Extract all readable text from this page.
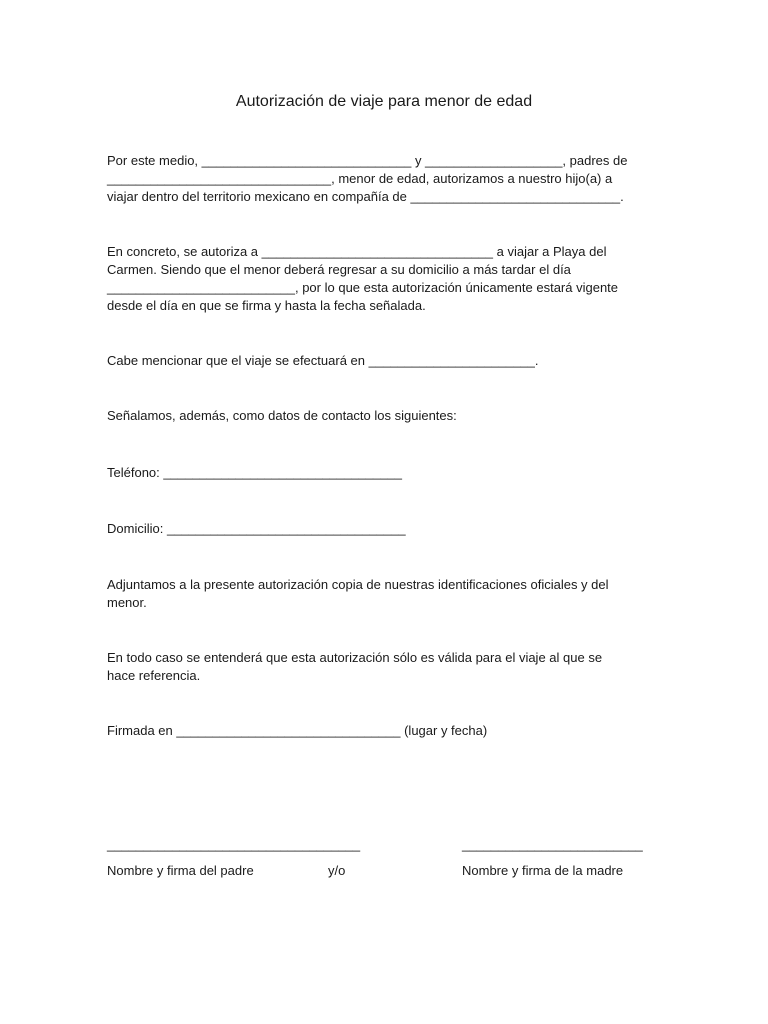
Autorización de viaje para menor de edad

Por este medio, _____________________________ y ___________________, padres de
_______________________________, menor de edad, autorizamos a nuestro hijo(a) a
viajar dentro del territorio mexicano en compañía de _____________________________.

En concreto, se autoriza a ________________________________ a viajar a Playa del
Carmen. Siendo que el menor deberá regresar a su domicilio a más tardar el día
__________________________, por lo que esta autorización únicamente estará vigente
desde el día en que se firma y hasta la fecha señalada.

Cabe mencionar que el viaje se efectuará en _______________________.

Señalamos, además, como datos de contacto los siguientes:

Teléfono: _________________________________

Domicilio: _________________________________

Adjuntamos a la presente autorización copia de nuestras identificaciones oficiales y del
menor.

En todo caso se entenderá que esta autorización sólo es válida para el viaje al que se
hace referencia.

Firmada en _______________________________ (lugar y fecha)

___________________________________	_________________________

Nombre y firma del padre	y/o	Nombre y firma de la madre
